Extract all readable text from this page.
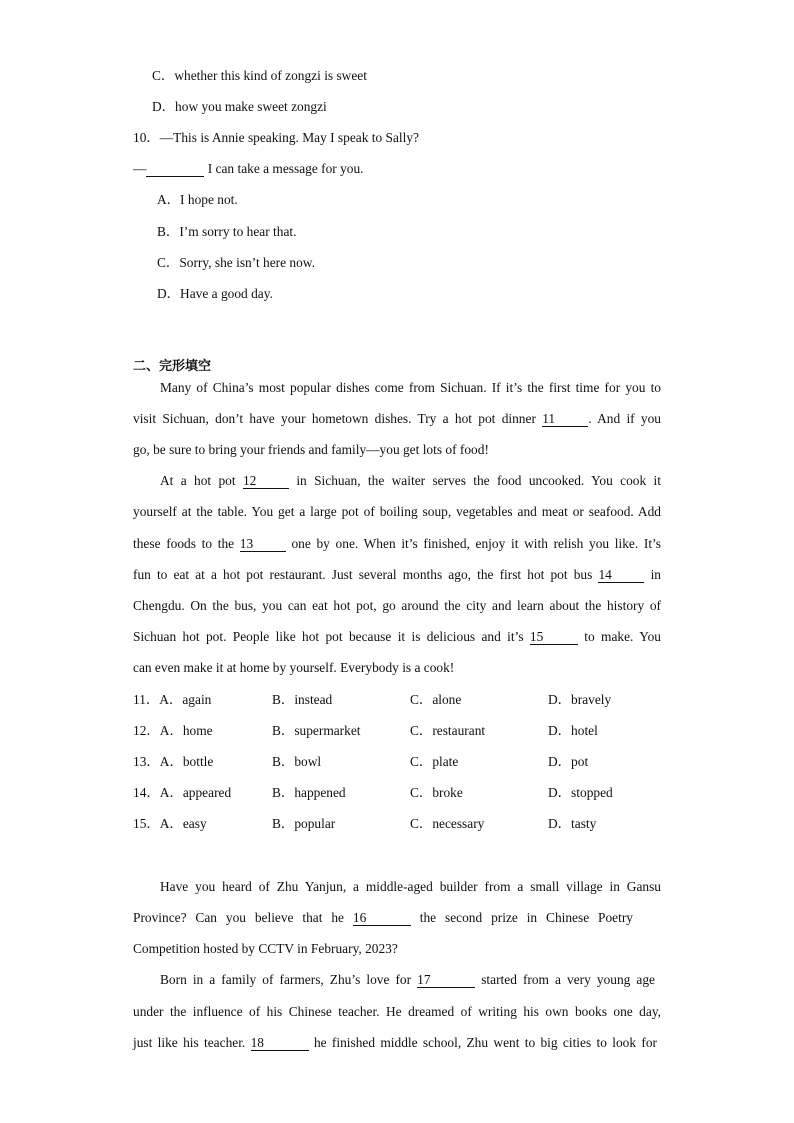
C．whether this kind of zongzi is sweet
D．how you make sweet zongzi
10．—This is Annie speaking. May I speak to Sally?
—	I can take a message for you.
A．I hope not.
B．I’m sorry to hear that.
C．Sorry, she isn’t here now.
D．Have a good day.
二、完形填空
Many of China’s most popular dishes come from Sichuan. If it’s the first time for you to
visit Sichuan, don’t have your hometown dishes. Try a hot pot dinner 11 . And if you
go, be sure to bring your friends and family—you get lots of food!
At a hot pot 12	in Sichuan, the waiter serves the food uncooked. You cook it
yourself at the table. You get a large pot of boiling soup, vegetables and meat or seafood. Add
these foods to the 13	one by one. When it’s finished, enjoy it with relish you like. It’s
fun to eat at a hot pot restaurant. Just several months ago, the first hot pot bus 14	in
Chengdu. On the bus, you can eat hot pot, go around the city and learn about the history of
Sichuan hot pot. People like hot pot because it is delicious and it’s 15	to make. You
can even make it at home by yourself. Everybody is a cook!
11．A．again	B．instead	C．alone	D．bravely
12．A．home	B．supermarket	C．restaurant	D．hotel
13．A．bottle	B．bowl	C．plate	D．pot
14．A．appeared	B．happened	C．broke	D．stopped
15．A．easy	B．popular	C．necessary	D．tasty
Have you heard of Zhu Yanjun, a middle-aged builder from a small village in Gansu
Province? Can you believe that he 16	the second prize in Chinese Poetry
Competition hosted by CCTV in February, 2023?
Born in a family of farmers, Zhu’s love for 17	started from a very young age
under the influence of his Chinese teacher. He dreamed of writing his own books one day,
just like his teacher. 18	he finished middle school, Zhu went to big cities to look for
